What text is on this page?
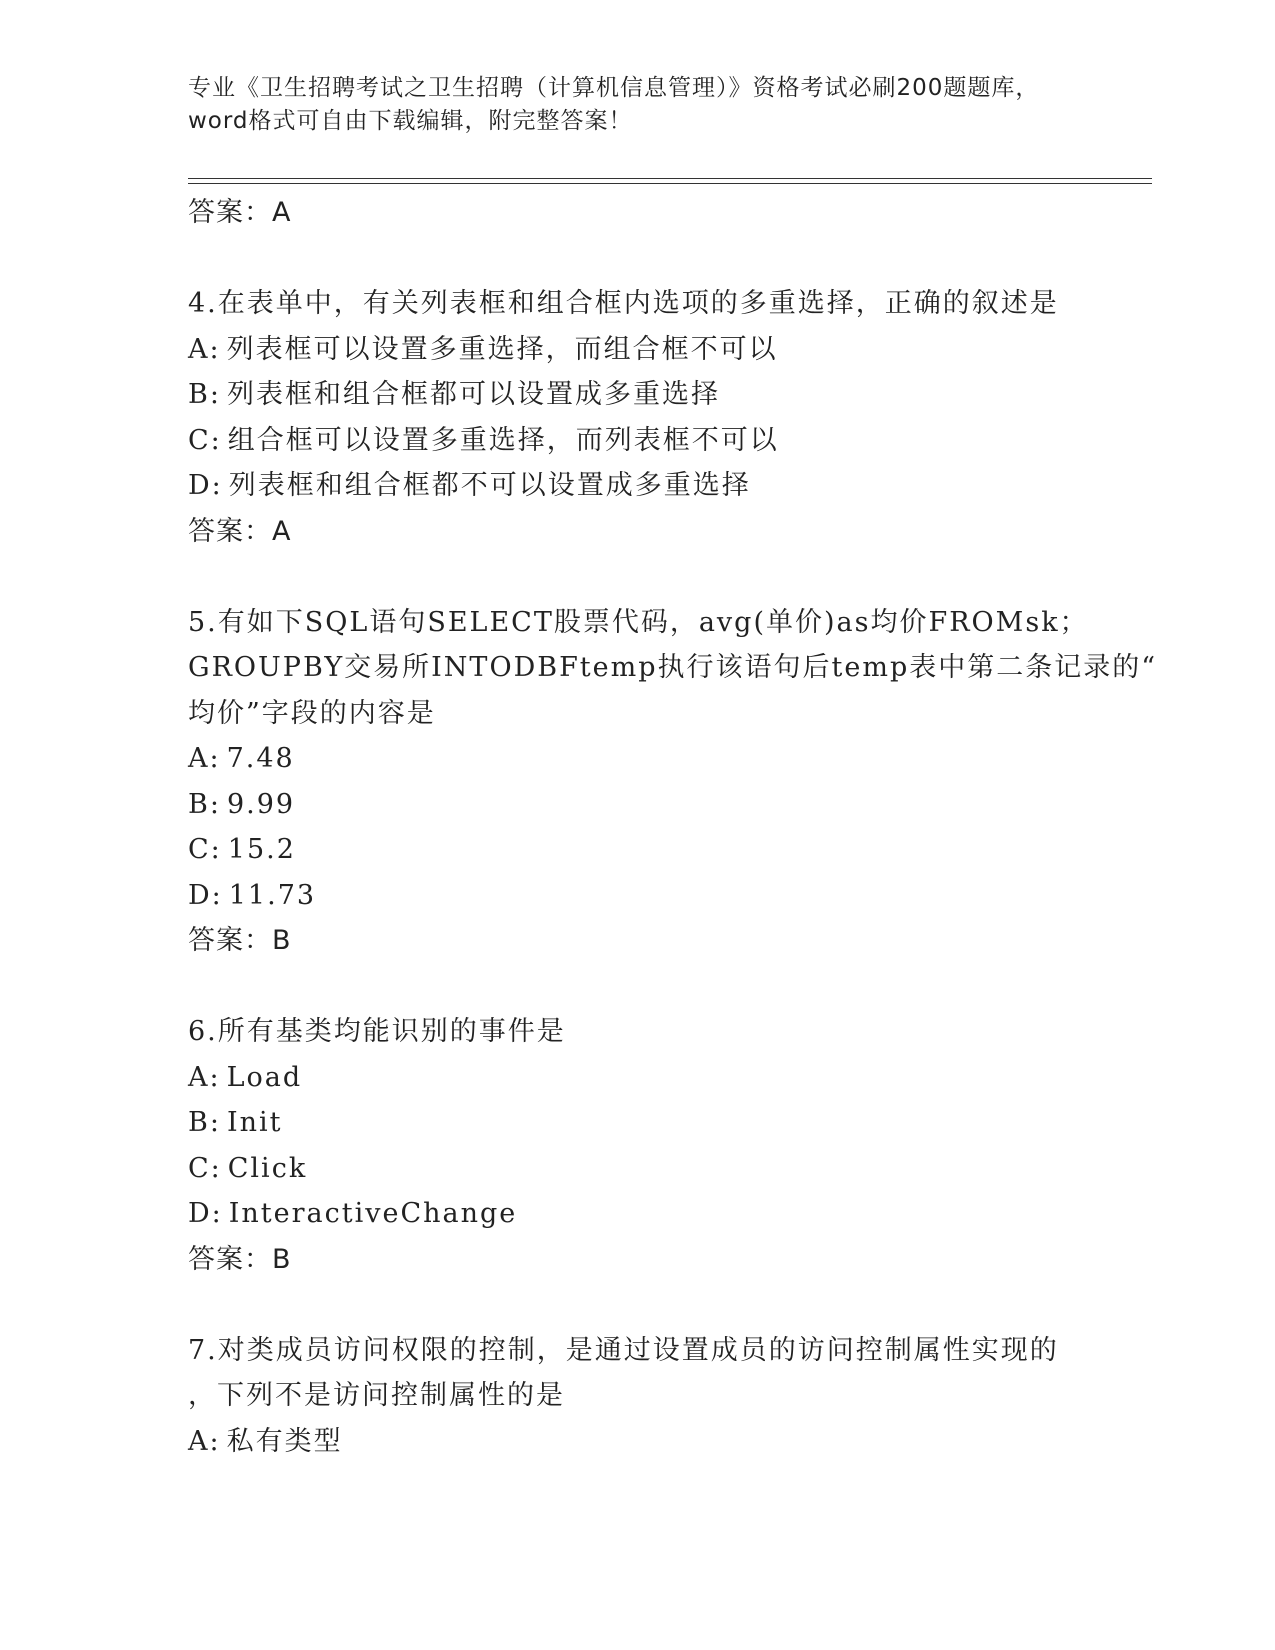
专业《卫生招聘考试之卫生招聘（计算机信息管理）》资格考试必刷200题题库，
word格式可自由下载编辑，附完整答案！
答案：A
4.在表单中，有关列表框和组合框内选项的多重选择，正确的叙述是
A: 列表框可以设置多重选择，而组合框不可以
B: 列表框和组合框都可以设置成多重选择
C: 组合框可以设置多重选择，而列表框不可以
D: 列表框和组合框都不可以设置成多重选择
答案：A
5.有如下SQL语句SELECT股票代码，avg(单价)as均价FROMsk；
GROUPBY交易所INTODBFtemp执行该语句后temp表中第二条记录的“
均价”字段的内容是
A: 7.48
B: 9.99
C: 15.2
D: 11.73
答案：B
6.所有基类均能识别的事件是
A: Load
B: Init
C: Click
D: InteractiveChange
答案：B
7.对类成员访问权限的控制，是通过设置成员的访问控制属性实现的
，下列不是访问控制属性的是
A: 私有类型
